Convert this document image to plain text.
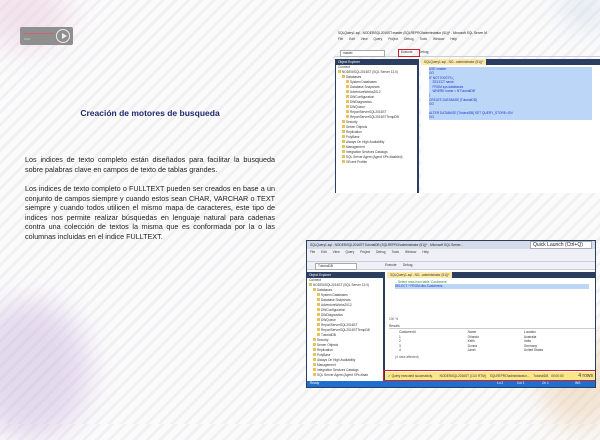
0:00
Creación de motores de busqueda
Los indices de texto completo están diseñados para facilitar la busqueda sobre palabras clave en campos de texto de tablas grandes.
Los indices de texto completo o FULLTEXT pueden ser creados en base a un conjunto de campos siempre y cuando estos sean CHAR, VARCHAR o TEXT siempre y cuando todos utilicen el mismo mapa de caracteres, este tipo de indices nos permite realizar búsquedas en lenguaje natural para cadenas contra una colección de textos la misma que es conformada por la o las columnas incluidas en el indice FULLTEXT.
SQLQuery1.sql - NODE5\SQL2016ST.master (SQLREPRO\administrator (51))* - Microsoft SQL Server M
File Edit View Query Project Debug Tools Window Help
master	Execute Debug
Object Explorer
Connect
NODE5\SQL2016ST (SQL Server 13.0)
Databases
System Databases
Database Snapshots
AdventureWorks2012
DWConfiguration
DWDiagnostics
DWQueue
ReportServerSQL2016ST
ReportServerSQL2016STTempDB
Security
Server Objects
Replication
PolyBase
Always On High Availability
Management
Integration Services Catalogs
SQL Server Agent (Agent XPs disabled)
XEvent Profiler
SQLQuery1.sql - NO...administrator (51))*
USE master
GO
IF NOT EXISTS (
SELECT name
FROM sys.databases
WHERE name = N'TutorialDB'
)
CREATE DATABASE [TutorialDB]
GO

ALTER DATABASE [TutorialDB] SET QUERY_STORE=ON
GO
SQLQuery1.sql - NODE5\SQL2016ST.TutorialDB (SQLREPRO\administrator (51))* - Microsoft SQL Server...	Quick Launch (Ctrl+Q)
File Edit View Query Project Debug Tools Window Help
TutorialDB	Execute Debug
Object Explorer
Connect
NODE5\SQL2016ST (SQL Server 13.0)
Databases
System Databases
Database Snapshots
AdventureWorks2012
DWConfiguration
DWDiagnostics
DWQueue
ReportServerSQL2016ST
ReportServerSQL2016STTempDB
TutorialDB
Security
Server Objects
Replication
PolyBase
Always On High Availability
Management
Integration Services Catalogs
SQL Server Agent (Agent XPs disab
SQLQuery1.sql - NO...administrator (51))*
-- Select rows from table 'Customers'
SELECT * FROM dbo.Customers;
100 %
Results
CustomerId	Name	Location
1	Orlando	Australia
2	Keith	India
3	Donna	Germany
4	Janet	United States
(4 rows affected)
✔ Query executed successfully. NODE5\SQL2016ST (13.0 RTM) SQLREPRO\administrator... TutorialDB 00:00:00	4 rows
Ready	Ln 2	Col 1	Ch 1	INS
